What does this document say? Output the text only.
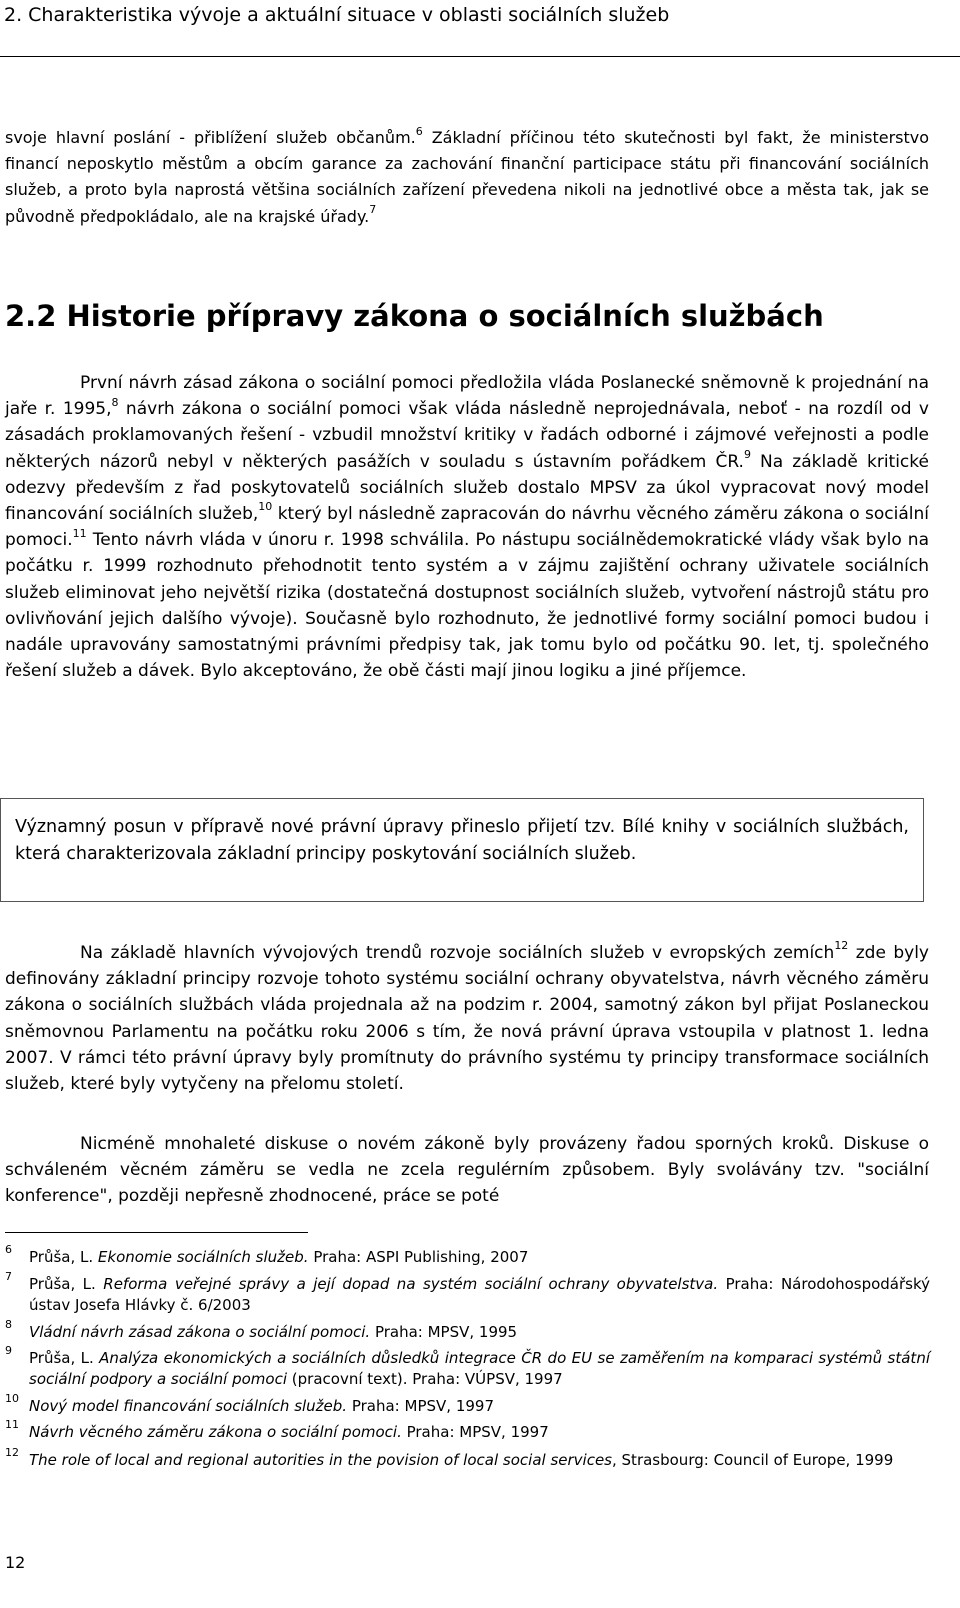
2. Charakteristika vývoje a aktuální situace v oblasti sociálních služeb

svoje hlavní poslání - přiblížení služeb občanům.$^6$ Základní příčinou této skutečnosti byl fakt, že ministerstvo financí neposkytlo městům a obcím garance za zachování finanční participace státu při financování sociálních služeb, a proto byla naprostá většina sociálních zařízení převedena nikoli na jednotlivé obce a města tak, jak se původně předpokládalo, ale na krajské úřady.$^7$

2.2 Historie přípravy zákona o sociálních službách

První návrh zásad zákona o sociální pomoci předložila vláda Poslanecké sněmovně k projednání na jaře r. 1995,$^8$ návrh zákona o sociální pomoci však vláda následně neprojednávala, neboť - na rozdíl od v zásadách proklamovaných řešení - vzbudil množství kritiky v řadách odborné i zájmové veřejnosti a podle některých názorů nebyl v některých pasážích v souladu s ústavním pořádkem ČR.$^9$ Na základě kritické odezvy především z řad poskytovatelů sociálních služeb dostalo MPSV za úkol vypracovat nový model financování sociálních služeb,$^{10}$ který byl následně zapracován do návrhu věcného záměru zákona o sociální pomoci.$^{11}$ Tento návrh vláda v únoru r. 1998 schválila. Po nástupu sociálnědemokratické vlády však bylo na počátku r. 1999 rozhodnuto přehodnotit tento systém a v zájmu zajištění ochrany uživatele sociálních služeb eliminovat jeho největší rizika (dostatečná dostupnost sociálních služeb, vytvoření nástrojů státu pro ovlivňování jejich dalšího vývoje). Současně bylo rozhodnuto, že jednotlivé formy sociální pomoci budou i nadále upravovány samostatnými právními předpisy tak, jak tomu bylo od počátku 90. let, tj. společného řešení služeb a dávek. Bylo akceptováno, že obě části mají jinou logiku a jiné příjemce.

Významný posun v přípravě nové právní úpravy přineslo přijetí tzv. Bílé knihy v sociálních službách, která charakterizovala základní principy poskytování sociálních služeb.

Na základě hlavních vývojových trendů rozvoje sociálních služeb v evropských zemích$^{12}$ zde byly definovány základní principy rozvoje tohoto systému sociální ochrany obyvatelstva, návrh věcného záměru zákona o sociálních službách vláda projednala až na podzim r. 2004, samotný zákon byl přijat Poslaneckou sněmovnou Parlamentu na počátku roku 2006 s tím, že nová právní úprava vstoupila v platnost 1. ledna 2007. V rámci této právní úpravy byly promítnuty do právního systému ty principy transformace sociálních služeb, které byly vytyčeny na přelomu století.

Nicméně mnohaleté diskuse o novém zákoně byly provázeny řadou sporných kroků. Diskuse o schváleném věcném záměru se vedla ne zcela regulérním způsobem. Byly svolávány tzv. "sociální konference", později nepřesně zhodnocené, práce se poté

6 Průša, L. Ekonomie sociálních služeb. Praha: ASPI Publishing, 2007
7 Průša, L. Reforma veřejné správy a její dopad na systém sociální ochrany obyvatelstva. Praha: Národohospodářský ústav Josefa Hlávky č. 6/2003
8 Vládní návrh zásad zákona o sociální pomoci. Praha: MPSV, 1995
9 Průša, L. Analýza ekonomických a sociálních důsledků integrace ČR do EU se zaměřením na komparaci systémů státní sociální podpory a sociální pomoci (pracovní text). Praha: VÚPSV, 1997
10 Nový model financování sociálních služeb. Praha: MPSV, 1997
11 Návrh věcného záměru zákona o sociální pomoci. Praha: MPSV, 1997
12 The role of local and regional autorities in the povision of local social services, Strasbourg: Council of Europe, 1999
12
